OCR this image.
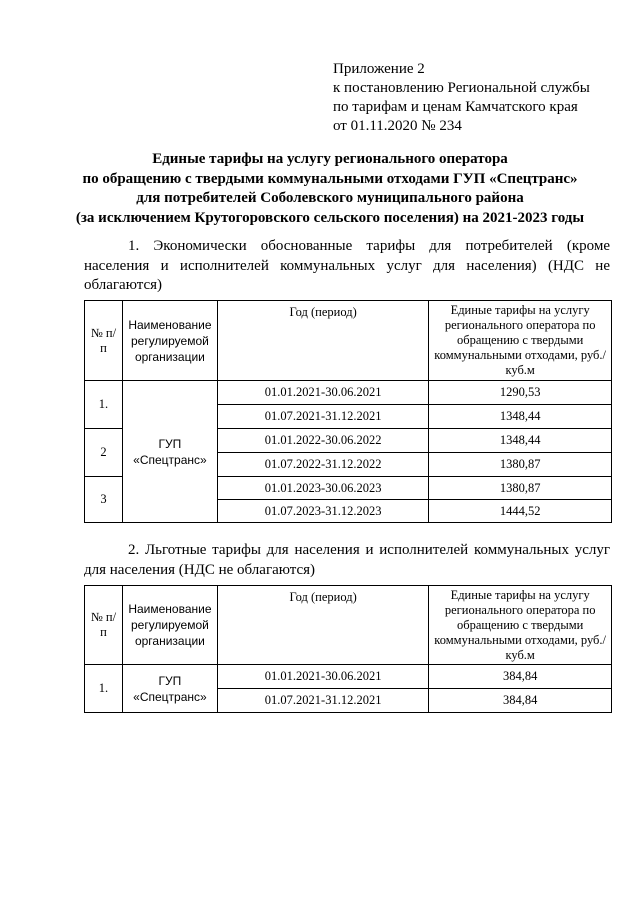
Приложение 2
к постановлению Региональной службы
по тарифам и ценам Камчатского края
от 01.11.2020 № 234
Единые тарифы на услугу регионального оператора
по обращению с твердыми коммунальными отходами ГУП «Спецтранс»
для потребителей Соболевского муниципального района
(за исключением Крутогоровского сельского поселения) на 2021-2023 годы
1. Экономически обоснованные тарифы для потребителей (кроме населения и исполнителей коммунальных услуг для населения) (НДС не облагаются)
№ п/п	Наименование регулируемой организации	Год (период)	Единые тарифы на услугу регионального оператора по обращению с твердыми коммунальными отходами, руб./куб.м
1.	ГУП «Спецтранс»	01.01.2021-30.06.2021	1290,53
		01.07.2021-31.12.2021	1348,44
2		01.01.2022-30.06.2022	1348,44
		01.07.2022-31.12.2022	1380,87
3		01.01.2023-30.06.2023	1380,87
		01.07.2023-31.12.2023	1444,52
2. Льготные тарифы для населения и исполнителей коммунальных услуг для населения (НДС не облагаются)
№ п/п	Наименование регулируемой организации	Год (период)	Единые тарифы на услугу регионального оператора по обращению с твердыми коммунальными отходами, руб./куб.м
1.	ГУП «Спецтранс»	01.01.2021-30.06.2021	384,84
		01.07.2021-31.12.2021	384,84
